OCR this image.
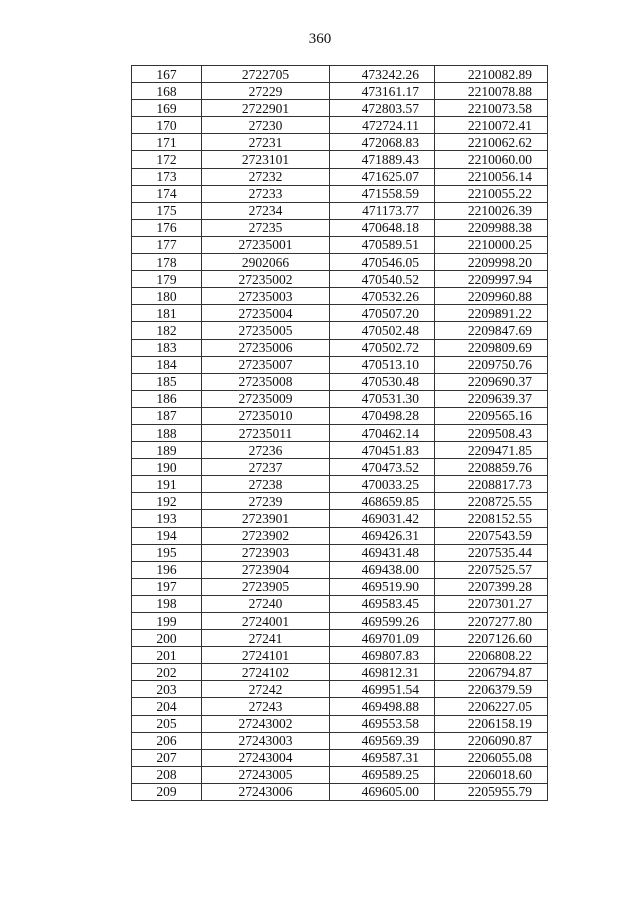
360
167	2722705	473242.26	2210082.89
168	27229	473161.17	2210078.88
169	2722901	472803.57	2210073.58
170	27230	472724.11	2210072.41
171	27231	472068.83	2210062.62
172	2723101	471889.43	2210060.00
173	27232	471625.07	2210056.14
174	27233	471558.59	2210055.22
175	27234	471173.77	2210026.39
176	27235	470648.18	2209988.38
177	27235001	470589.51	2210000.25
178	2902066	470546.05	2209998.20
179	27235002	470540.52	2209997.94
180	27235003	470532.26	2209960.88
181	27235004	470507.20	2209891.22
182	27235005	470502.48	2209847.69
183	27235006	470502.72	2209809.69
184	27235007	470513.10	2209750.76
185	27235008	470530.48	2209690.37
186	27235009	470531.30	2209639.37
187	27235010	470498.28	2209565.16
188	27235011	470462.14	2209508.43
189	27236	470451.83	2209471.85
190	27237	470473.52	2208859.76
191	27238	470033.25	2208817.73
192	27239	468659.85	2208725.55
193	2723901	469031.42	2208152.55
194	2723902	469426.31	2207543.59
195	2723903	469431.48	2207535.44
196	2723904	469438.00	2207525.57
197	2723905	469519.90	2207399.28
198	27240	469583.45	2207301.27
199	2724001	469599.26	2207277.80
200	27241	469701.09	2207126.60
201	2724101	469807.83	2206808.22
202	2724102	469812.31	2206794.87
203	27242	469951.54	2206379.59
204	27243	469498.88	2206227.05
205	27243002	469553.58	2206158.19
206	27243003	469569.39	2206090.87
207	27243004	469587.31	2206055.08
208	27243005	469589.25	2206018.60
209	27243006	469605.00	2205955.79
